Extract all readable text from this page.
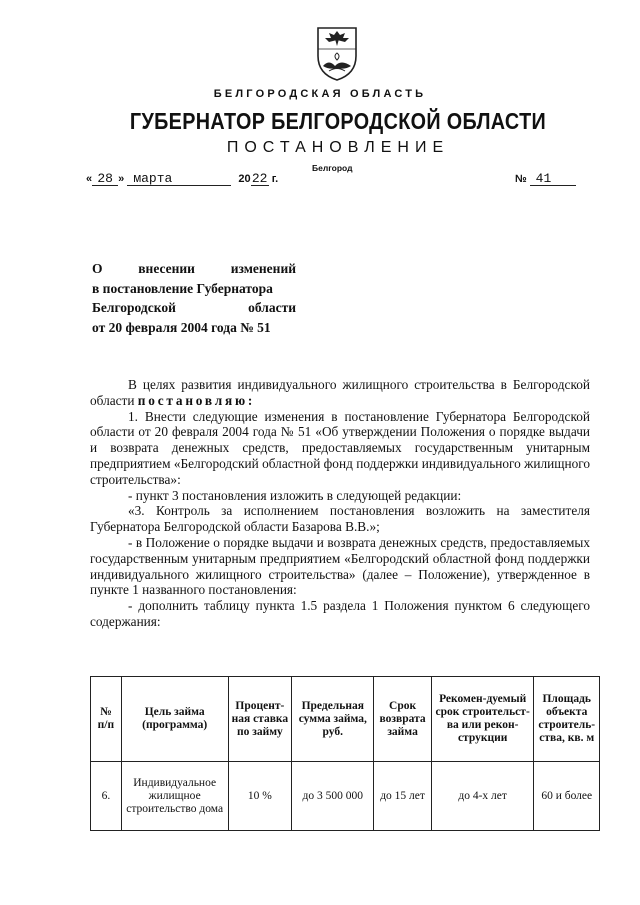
БЕЛГОРОДСКАЯ ОБЛАСТЬ
ГУБЕРНАТОР БЕЛГОРОДСКОЙ ОБЛАСТИ
ПОСТАНОВЛЕНИЕ
Белгород
« 28 » марта	2022 г.	№ 41
О	внесении	изменений
в постановление Губернатора
Белгородской	области
от 20 февраля 2004 года № 51

В целях развития индивидуального жилищного строительства в Белгородской области постановляю:

1. Внести следующие изменения в постановление Губернатора Белгородской области от 20 февраля 2004 года № 51 «Об утверждении Положения о порядке выдачи и возврата денежных средств, предоставляемых государственным унитарным предприятием «Белгородский областной фонд поддержки индивидуального жилищного строительства»:

- пункт 3 постановления изложить в следующей редакции:

«3. Контроль за исполнением постановления возложить на заместителя Губернатора Белгородской области Базарова В.В.»;

- в Положение о порядке выдачи и возврата денежных средств, предоставляемых государственным унитарным предприятием «Белгородский областной фонд поддержки индивидуального жилищного строительства» (далее – Положение), утвержденное в пункте 1 названного постановления:

- дополнить таблицу пункта 1.5 раздела 1 Положения пунктом 6 следующего содержания:

№ п/п	Цель займа (программа)	Процент-ная ставка по займу	Предельная сумма займа, руб.	Срок возврата займа	Рекомен-дуемый срок строительст-ва или рекон-струкции	Площадь объекта строитель-ства, кв. м
6.	Индивидуальное жилищное строительство дома	10 %	до 3 500 000	до 15 лет	до 4-х лет	60 и более
